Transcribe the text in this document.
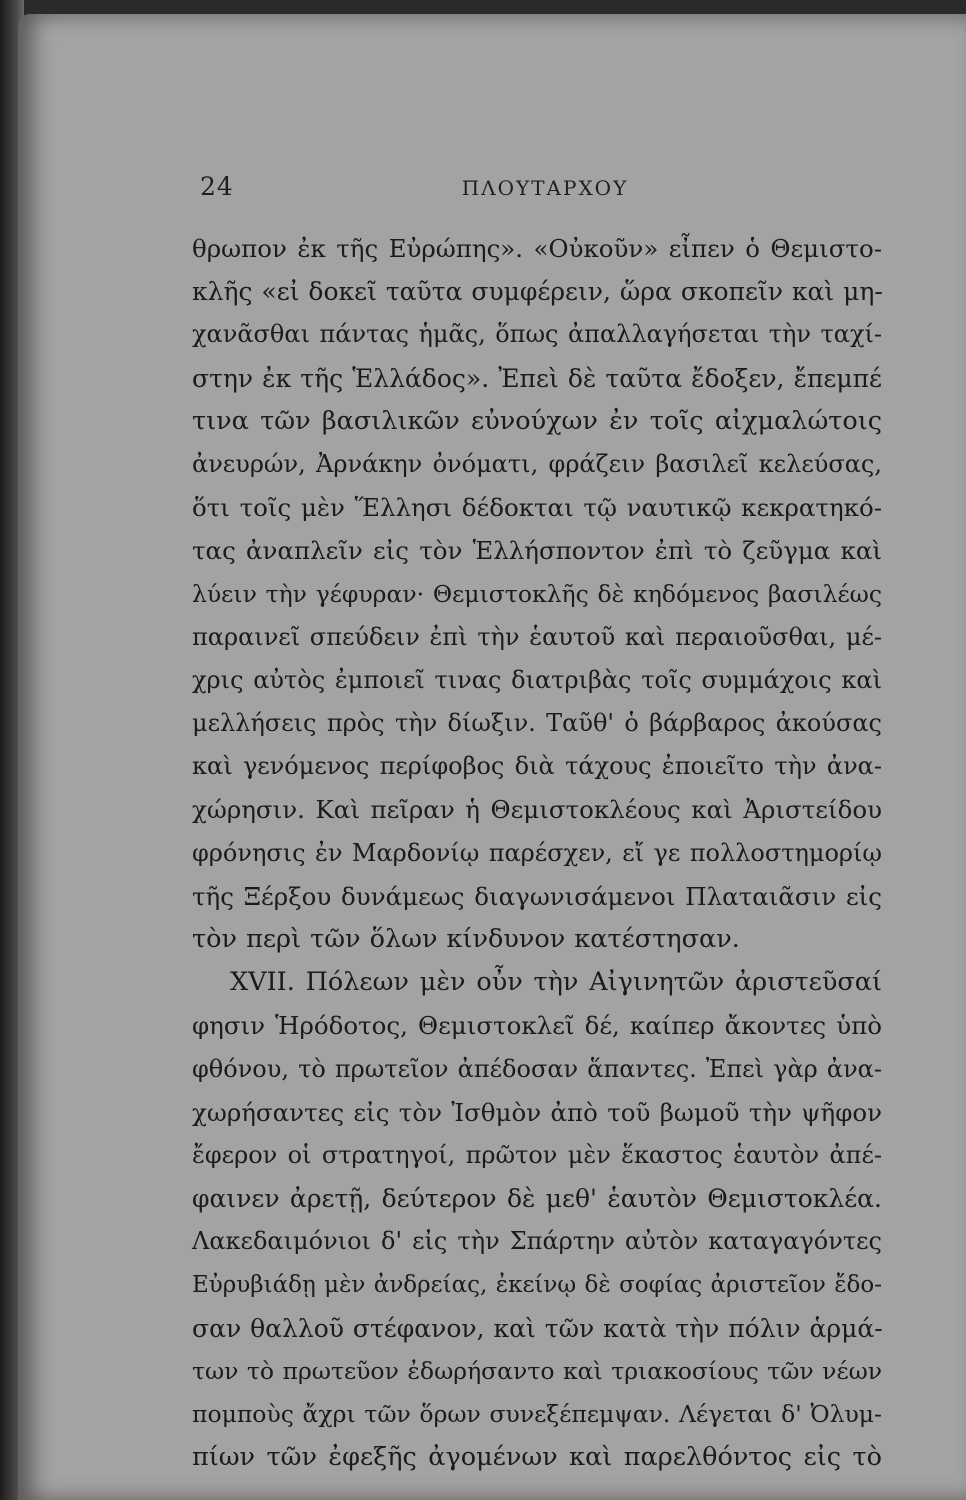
24	ΠΛΟΥΤΑΡΧΟΥ
θρωπον ἐκ τῆς Εὐρώπης». «Οὐκοῦν» εἶπεν ὁ Θεμιστο-
κλῆς «εἰ δοκεῖ ταῦτα συμφέρειν, ὥρα σκοπεῖν καὶ μη-
χανᾶσθαι πάντας ἡμᾶς, ὅπως ἀπαλλαγήσεται τὴν ταχί-
στην ἐκ τῆς Ἑλλάδος». Ἐπεὶ δὲ ταῦτα ἔδοξεν, ἔπεμπέ
τινα τῶν βασιλικῶν εὐνούχων ἐν τοῖς αἰχμαλώτοις
ἀνευρών, Ἀρνάκην ὀνόματι, φράζειν βασιλεῖ κελεύσας,
ὅτι τοῖς μὲν Ἕλλησι δέδοκται τῷ ναυτικῷ κεκρατηκό-
τας ἀναπλεῖν εἰς τὸν Ἑλλήσποντον ἐπὶ τὸ ζεῦγμα καὶ
λύειν τὴν γέφυραν· Θεμιστοκλῆς δὲ κηδόμενος βασιλέως
παραινεῖ σπεύδειν ἐπὶ τὴν ἑαυτοῦ καὶ περαιοῦσθαι, μέ-
χρις αὐτὸς ἐμποιεῖ τινας διατριβὰς τοῖς συμμάχοις καὶ
μελλήσεις πρὸς τὴν δίωξιν. Ταῦθ' ὁ βάρβαρος ἀκούσας
καὶ γενόμενος περίφοβος διὰ τάχους ἐποιεῖτο τὴν ἀνα-
χώρησιν. Καὶ πεῖραν ἡ Θεμιστοκλέους καὶ Ἀριστείδου
φρόνησις ἐν Μαρδονίῳ παρέσχεν, εἴ γε πολλοστημορίῳ
τῆς Ξέρξου δυνάμεως διαγωνισάμενοι Πλαταιᾶσιν εἰς
τὸν περὶ τῶν ὅλων κίνδυνον κατέστησαν.
XVII. Πόλεων μὲν οὖν τὴν Αἰγινητῶν ἀριστεῦσαί
φησιν Ἡρόδοτος, Θεμιστοκλεῖ δέ, καίπερ ἄκοντες ὑπὸ
φθόνου, τὸ πρωτεῖον ἀπέδοσαν ἅπαντες. Ἐπεὶ γὰρ ἀνα-
χωρήσαντες εἰς τὸν Ἰσθμὸν ἀπὸ τοῦ βωμοῦ τὴν ψῆφον
ἔφερον οἱ στρατηγοί, πρῶτον μὲν ἕκαστος ἑαυτὸν ἀπέ-
φαινεν ἀρετῇ, δεύτερον δὲ μεθ' ἑαυτὸν Θεμιστοκλέα.
Λακεδαιμόνιοι δ' εἰς τὴν Σπάρτην αὐτὸν καταγαγόντες
Εὐρυβιάδῃ μὲν ἀνδρείας, ἐκείνῳ δὲ σοφίας ἀριστεῖον ἔδο-
σαν θαλλοῦ στέφανον, καὶ τῶν κατὰ τὴν πόλιν ἁρμά-
των τὸ πρωτεῦον ἐδωρήσαντο καὶ τριακοσίους τῶν νέων
πομποὺς ἄχρι τῶν ὅρων συνεξέπεμψαν. Λέγεται δ' Ὀλυμ-
πίων τῶν ἐφεξῆς ἀγομένων καὶ παρελθόντος εἰς τὸ
